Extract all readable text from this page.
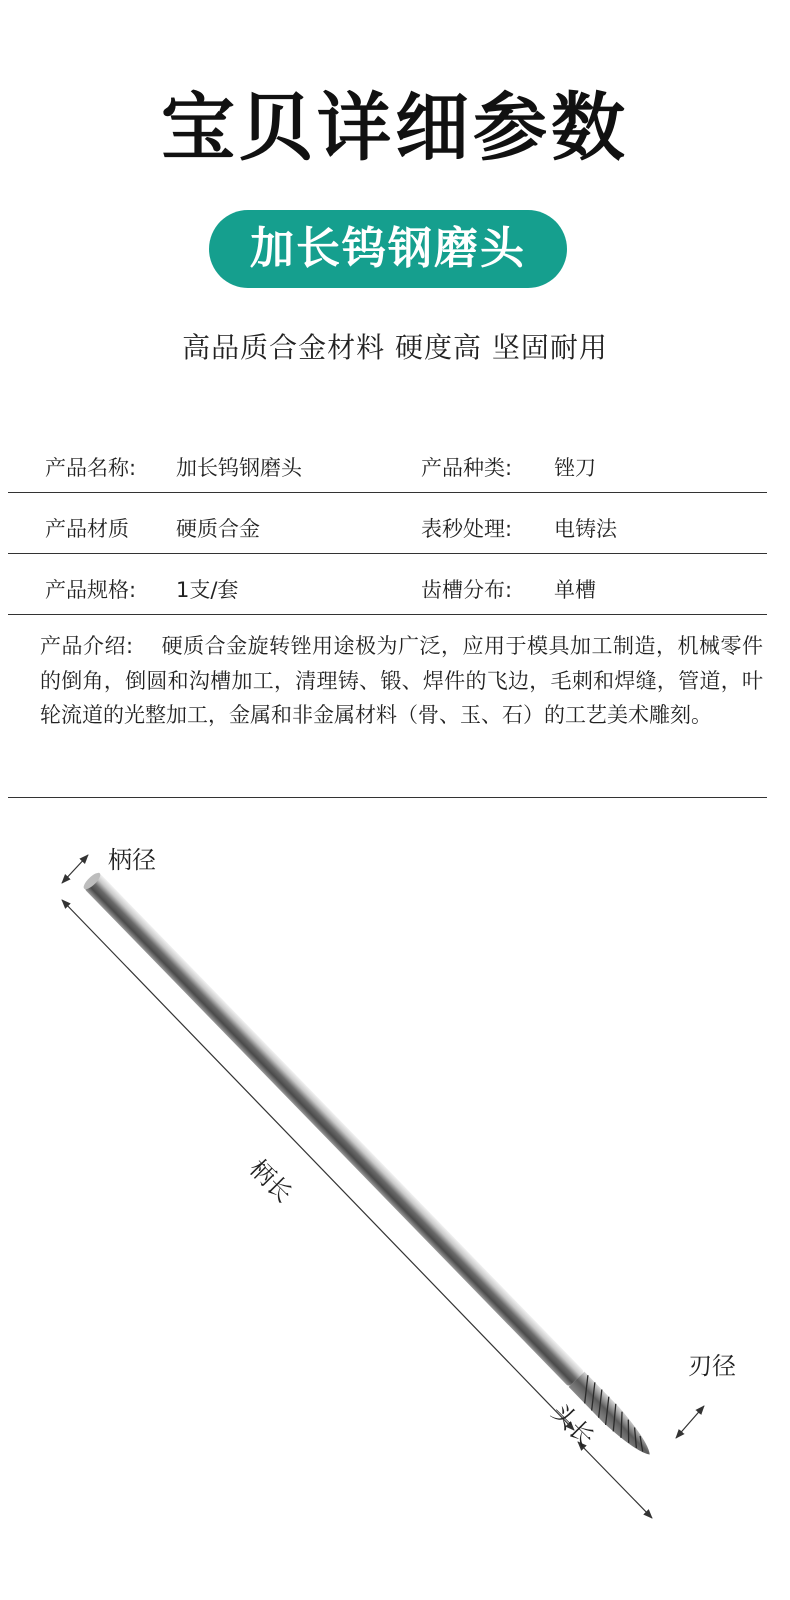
宝贝详细参数
加长钨钢磨头
高品质合金材料 硬度高 坚固耐用
产品名称: 加长钨钢磨头	产品种类: 锉刀
产品材质 硬质合金	表秒处理: 电铸法
产品规格: 1支/套	齿槽分布: 单槽
产品介绍: 硬质合金旋转锉用途极为广泛，应用于模具加工制造，机械零件的倒角，倒圆和沟槽加工，清理铸、锻、焊件的飞边，毛刺和焊缝，管道，叶轮流道的光整加工，金属和非金属材料（骨、玉、石）的工艺美术雕刻。
柄径
柄长
刃径
头长
